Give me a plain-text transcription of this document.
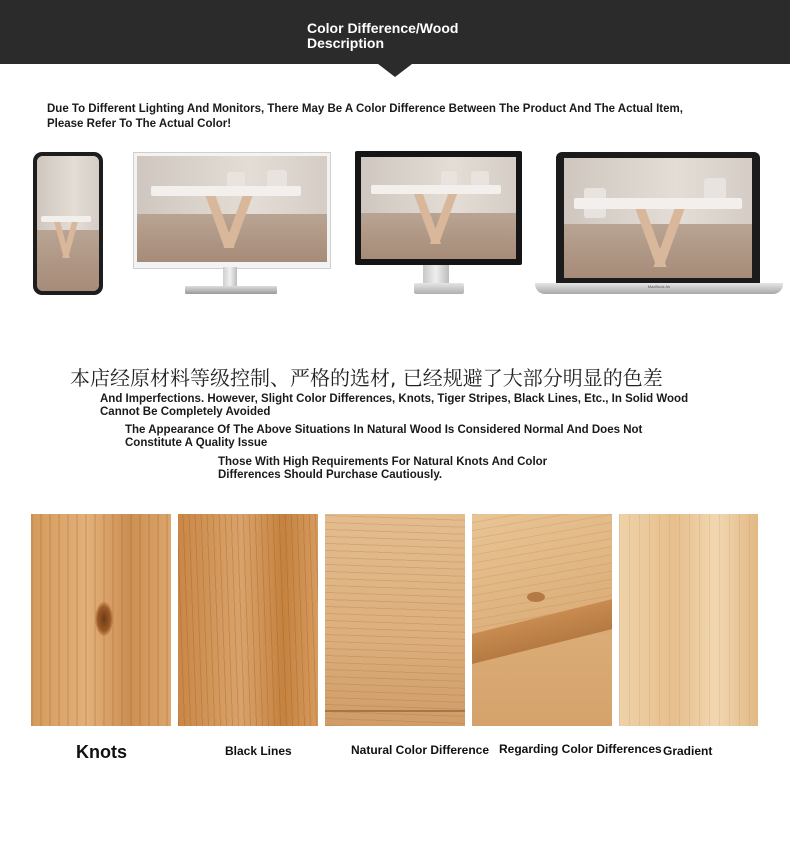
Color Difference/Wood
Description
Due To Different Lighting And Monitors, There May Be A Color Difference Between The Product And The Actual Item,
Please Refer To The Actual Color!
MacBook Air
本店经原材料等级控制、严格的选材, 已经规避了大部分明显的色差
And Imperfections. However, Slight Color Differences, Knots, Tiger Stripes, Black Lines, Etc., In Solid Wood
Cannot Be Completely Avoided
The Appearance Of The Above Situations In Natural Wood Is Considered Normal And Does Not
Constitute A Quality Issue
Those With High Requirements For Natural Knots And Color
Differences Should Purchase Cautiously.
Knots	Black Lines	Natural Color Difference Regarding Color Differences Gradient
